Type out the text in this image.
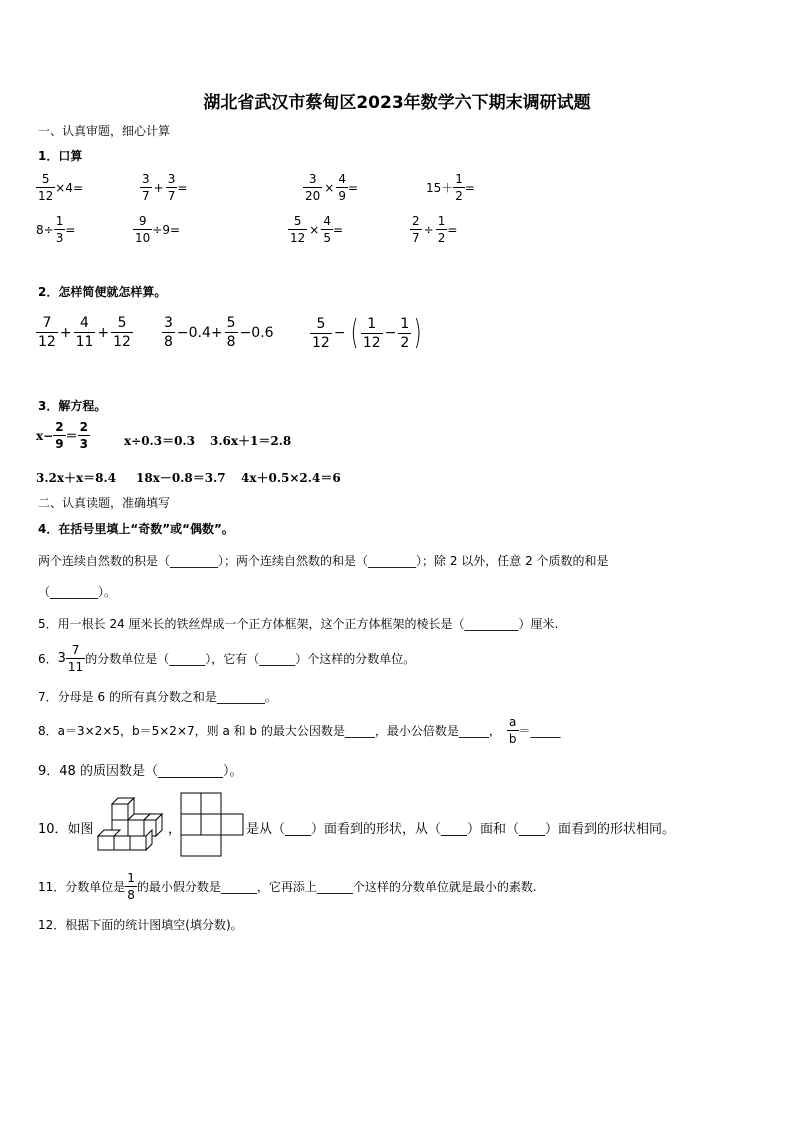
湖北省武汉市蔡甸区2023年数学六下期末调研试题
一、认真审题，细心计算
1．口算
$\frac{5}{12} \times 4=$	$\frac{3}{7} + \frac{3}{7}$ =	$\frac{3}{20} \times \frac{4}{9}$ =	$15+ \frac{1}{2}$ =
$8\div \frac{1}{3}$ =	$\frac{9}{10} \div 9=$	$\frac{5}{12} \times \frac{4}{5}$ =	$\frac{2}{7} \div \frac{1}{2}$ =
2．怎样简便就怎样算。
$\frac{7}{12} + \frac{4}{11} + \frac{5}{12} \frac{3}{8} -0.4+ \frac{5}{8} -0.6$	$\frac{5}{12}$ − ( $\frac{1}{12} - \frac{1}{2}$ )
3．解方程。
$x- \frac{2}{9} = \frac{2}{3}$	x÷0.3＝0.3 3.6x＋1＝2.8
3.2x＋x＝8.4 18x－0.8＝3.7 4x＋0.5×2.4＝6
二、认真读题，准确填写
4．在括号里填上“奇数”或“偶数”。
两个连续自然数的积是（________）；两个连续自然数的和是（________）；除 2 以外，任意 2 个质数的和是
（________）。
5．用一根长 24 厘米长的铁丝焊成一个正方体框架，这个正方体框架的棱长是（_________）厘米.
6． $3 \frac{7}{11}$ 的分数单位是（______），它有（______）个这样的分数单位。
7．分母是 6 的所有真分数之和是________。
8．a＝3×2×5，b＝5×2×7，则 a 和 b 的最大公因数是_____，最小公倍数是_____， $\frac{a}{b}$ ＝_____
9．48 的质因数是（__________）。
10．如图	，	是从（____）面看到的形状，从（____）面和（____）面看到的形状相同。
11．分数单位是 $\frac{1}{8}$ 的最小假分数是______，它再添上______个这样的分数单位就是最小的素数.
12．根据下面的统计图填空(填分数)。
